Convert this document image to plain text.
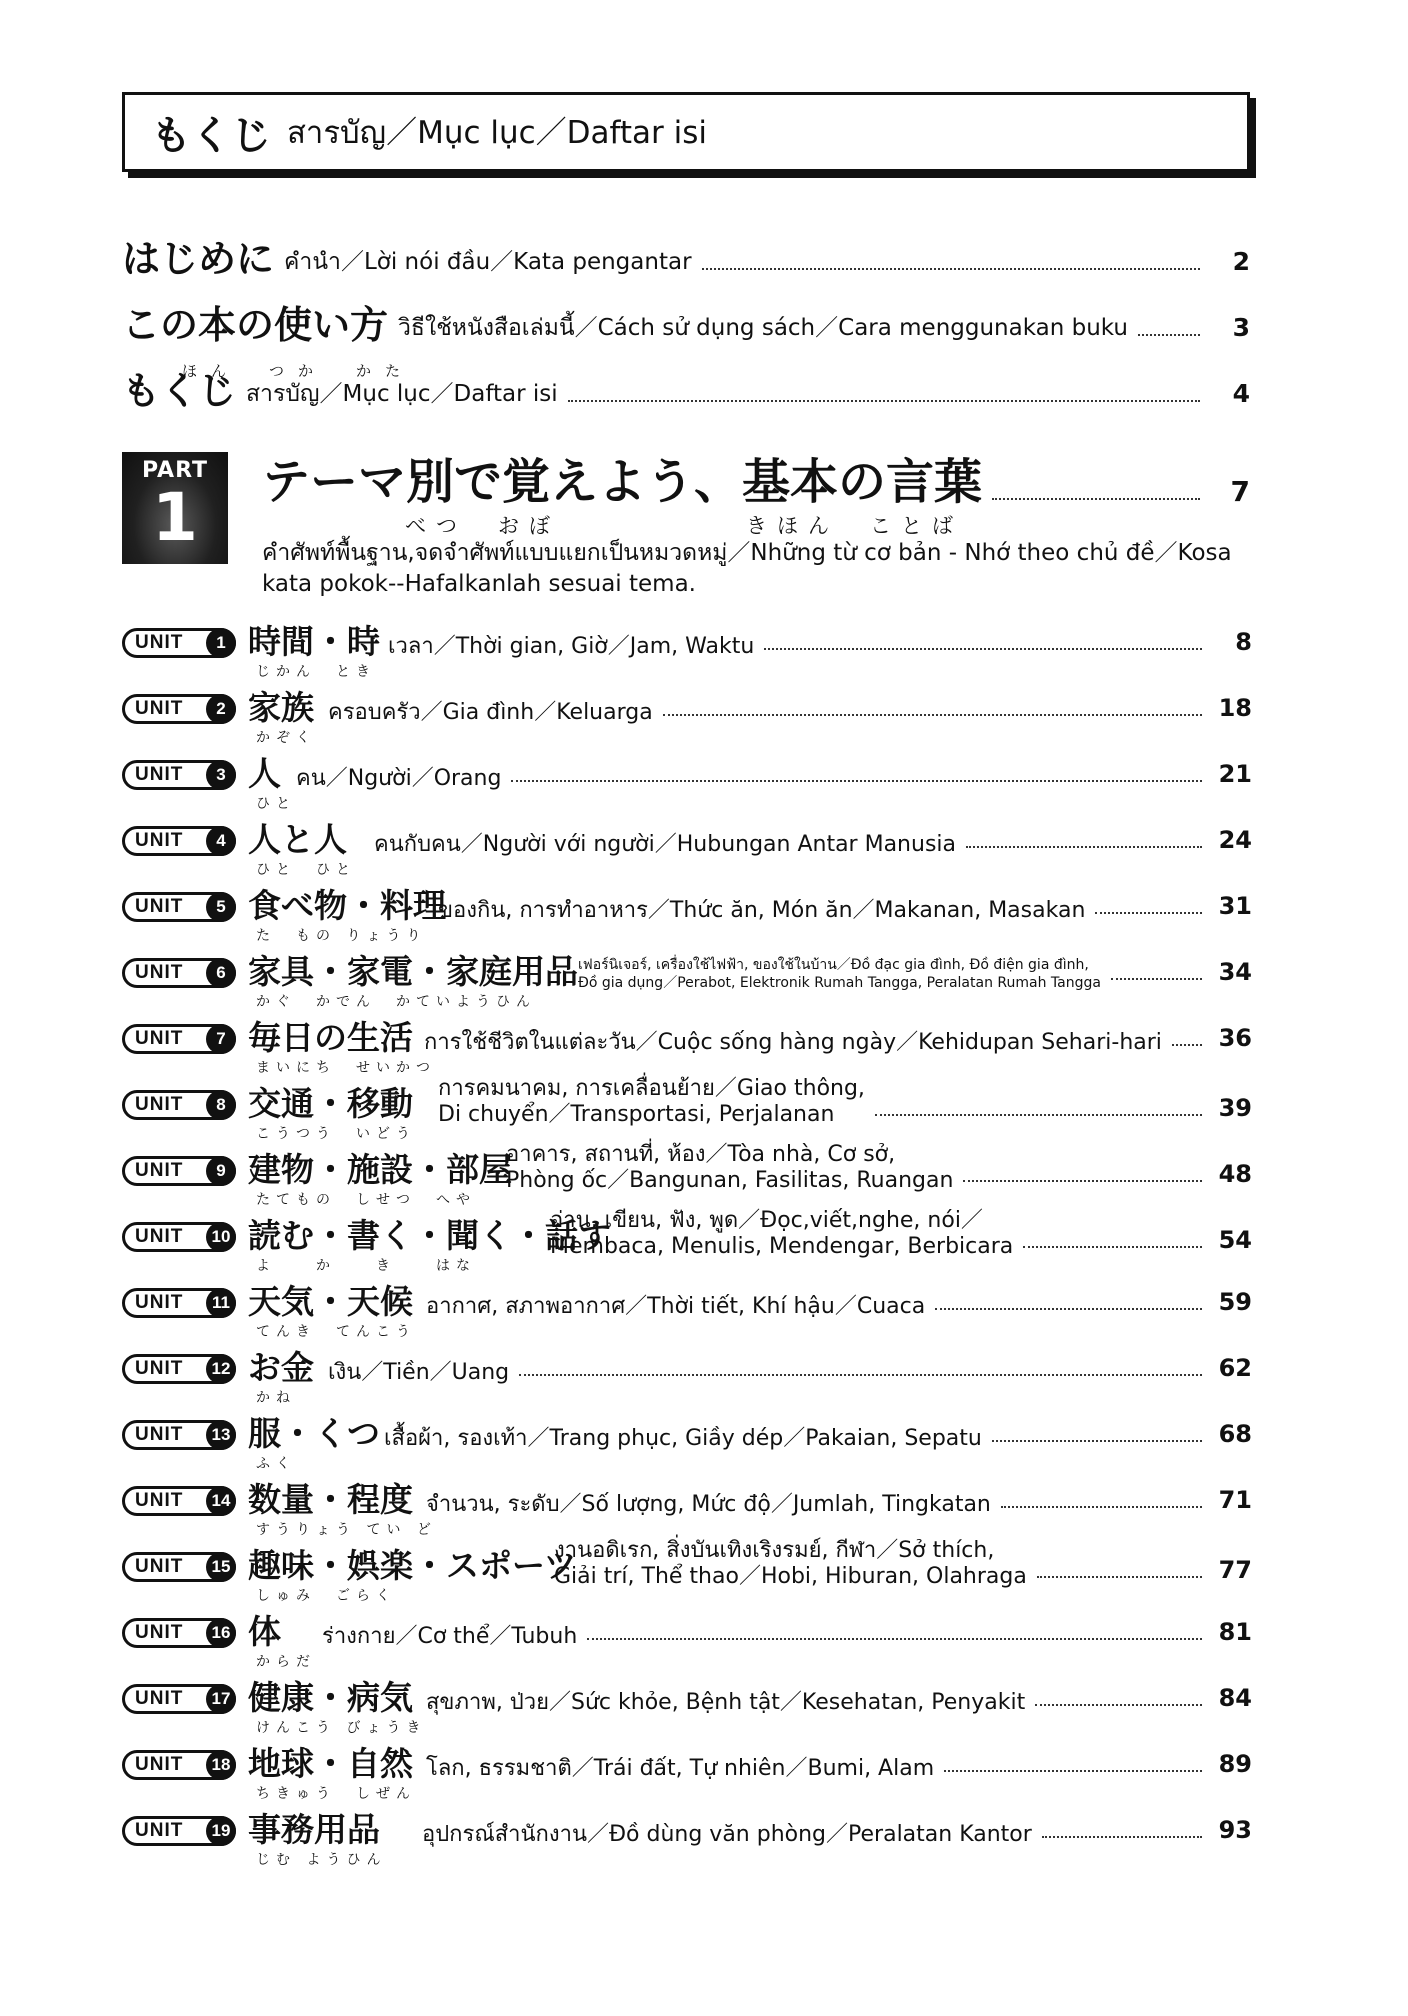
もくじ สารบัญ／Mục lục／Daftar isi
はじめに คำนำ／Lời nói đầu／Kata pengantar	2
この本の使い方
ほん　つか　かた
วิธีใช้หนังสือเล่มนี้／Cách sử dụng sách／Cara menggunakan buku	3
もくじ สารบัญ／Mục lục／Daftar isi	4
PART
1	テーマ別で覚えよう、基本の言葉	7
べつ　おぼ　　　　　　きほん　ことば
คำศัพท์พื้นฐาน,จดจำศัพท์แบบแยกเป็นหมวดหมู่／Những từ cơ bản - Nhớ theo chủ đề／Kosa kata pokok--Hafalkanlah sesuai tema.
UNIT	1 時間・時
じかん　とき
เวลา／Thời gian, Giờ／Jam, Waktu	8
UNIT	2 家族
かぞく
ครอบครัว／Gia đình／Keluarga	18
UNIT	3 人
ひと
คน／Người／Orang	21
UNIT	4 人と人
ひと　ひと
คนกับคน／Người với người／Hubungan Antar Manusia	24
UNIT	5 食べ物・料理
た　もの りょうり
ของกิน, การทำอาหาร／Thức ăn, Món ăn／Makanan, Masakan	31
UNIT	6 家具・家電・家庭用品
かぐ　かでん　かていようひん
เฟอร์นิเจอร์, เครื่องใช้ไฟฟ้า, ของใช้ในบ้าน／Đồ đạc gia đình, Đồ điện gia đình,
Đồ gia dụng／Perabot, Elektronik Rumah Tangga, Peralatan Rumah Tangga	34
UNIT	7 毎日の生活
まいにち　せいかつ
การใช้ชีวิตในแต่ละวัน／Cuộc sống hàng ngày／Kehidupan Sehari-hari 36
UNIT	8 交通・移動
こうつう　いどう
การคมนาคม, การเคลื่อนย้าย／Giao thông,
Di chuyển／Transportasi, Perjalanan	39
UNIT	9 建物・施設・部屋
たてもの　しせつ　へや
อาคาร, สถานที่, ห้อง／Tòa nhà, Cơ sở,
Phòng ốc／Bangunan, Fasilitas, Ruangan	48
UNIT	10 読む・書く・聞く・話す
よ　　か　　き　　はな
อ่าน, เขียน, ฟัง, พูด／Đọc,viết,nghe, nói／
Membaca, Menulis, Mendengar, Berbicara	54
UNIT	11 天気・天候
てんき　てんこう
อากาศ, สภาพอากาศ／Thời tiết, Khí hậu／Cuaca	59
UNIT	12 お金
かね
เงิน／Tiền／Uang	62
UNIT	13 服・くつ
ふく
เสื้อผ้า, รองเท้า／Trang phục, Giầy dép／Pakaian, Sepatu	68
UNIT	14 数量・程度
すうりょう てい ど
จำนวน, ระดับ／Số lượng, Mức độ／Jumlah, Tingkatan	71
UNIT	15 趣味・娯楽・スポーツ
しゅみ　ごらく
งานอดิเรก, สิ่งบันเทิงเริงรมย์, กีฬา／Sở thích,
Giải trí, Thể thao／Hobi, Hiburan, Olahraga	77
UNIT	16 体
からだ
ร่างกาย／Cơ thể／Tubuh	81
UNIT	17 健康・病気
けんこう びょうき
สุขภาพ, ป่วย／Sức khỏe, Bệnh tật／Kesehatan, Penyakit	84
UNIT	18 地球・自然
ちきゅう　しぜん
โลก, ธรรมชาติ／Trái đất, Tự nhiên／Bumi, Alam	89
UNIT	19 事務用品
じむ ようひん
อุปกรณ์สำนักงาน／Đồ dùng văn phòng／Peralatan Kantor	93
